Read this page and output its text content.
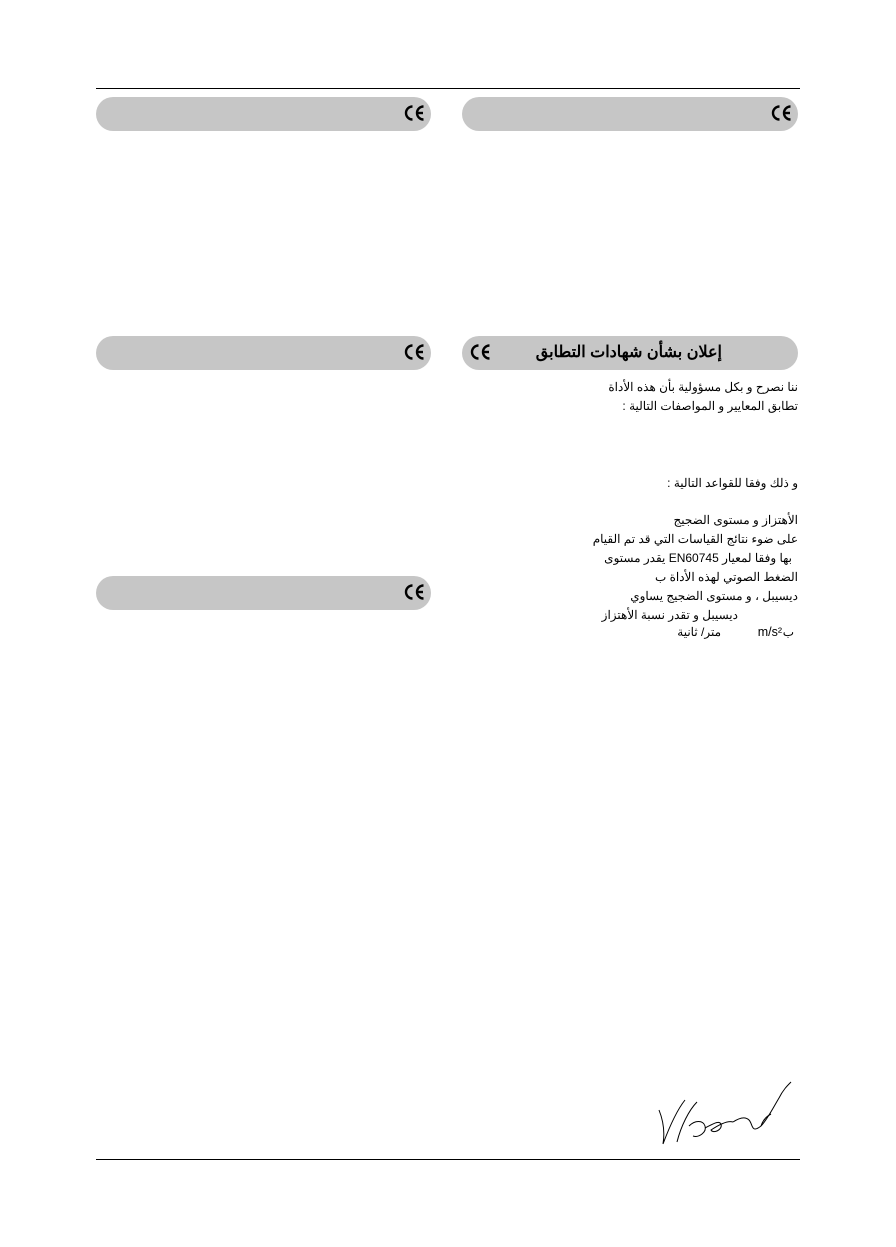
إعلان بشأن شهادات التطابق
ننا نصرح و بكل مسؤولية بأن هذه الأداة
تطابق المعايير و المواصفات التالية :
و ذلك وفقا للقواعد التالية :
الأهتزاز و مستوى الضجيج
على ضوء نتائج القياسات التي قد تم القيام
بها وفقا لمعيار EN60745 يقدر مستوى
الضغط الصوتي لهذه الأداة ب
ديسيبل ، و مستوى الضجيج يساوي
ديسيبل و تقدر نسبة الأهتزاز
ب
m/s²
متر/ ثانية
